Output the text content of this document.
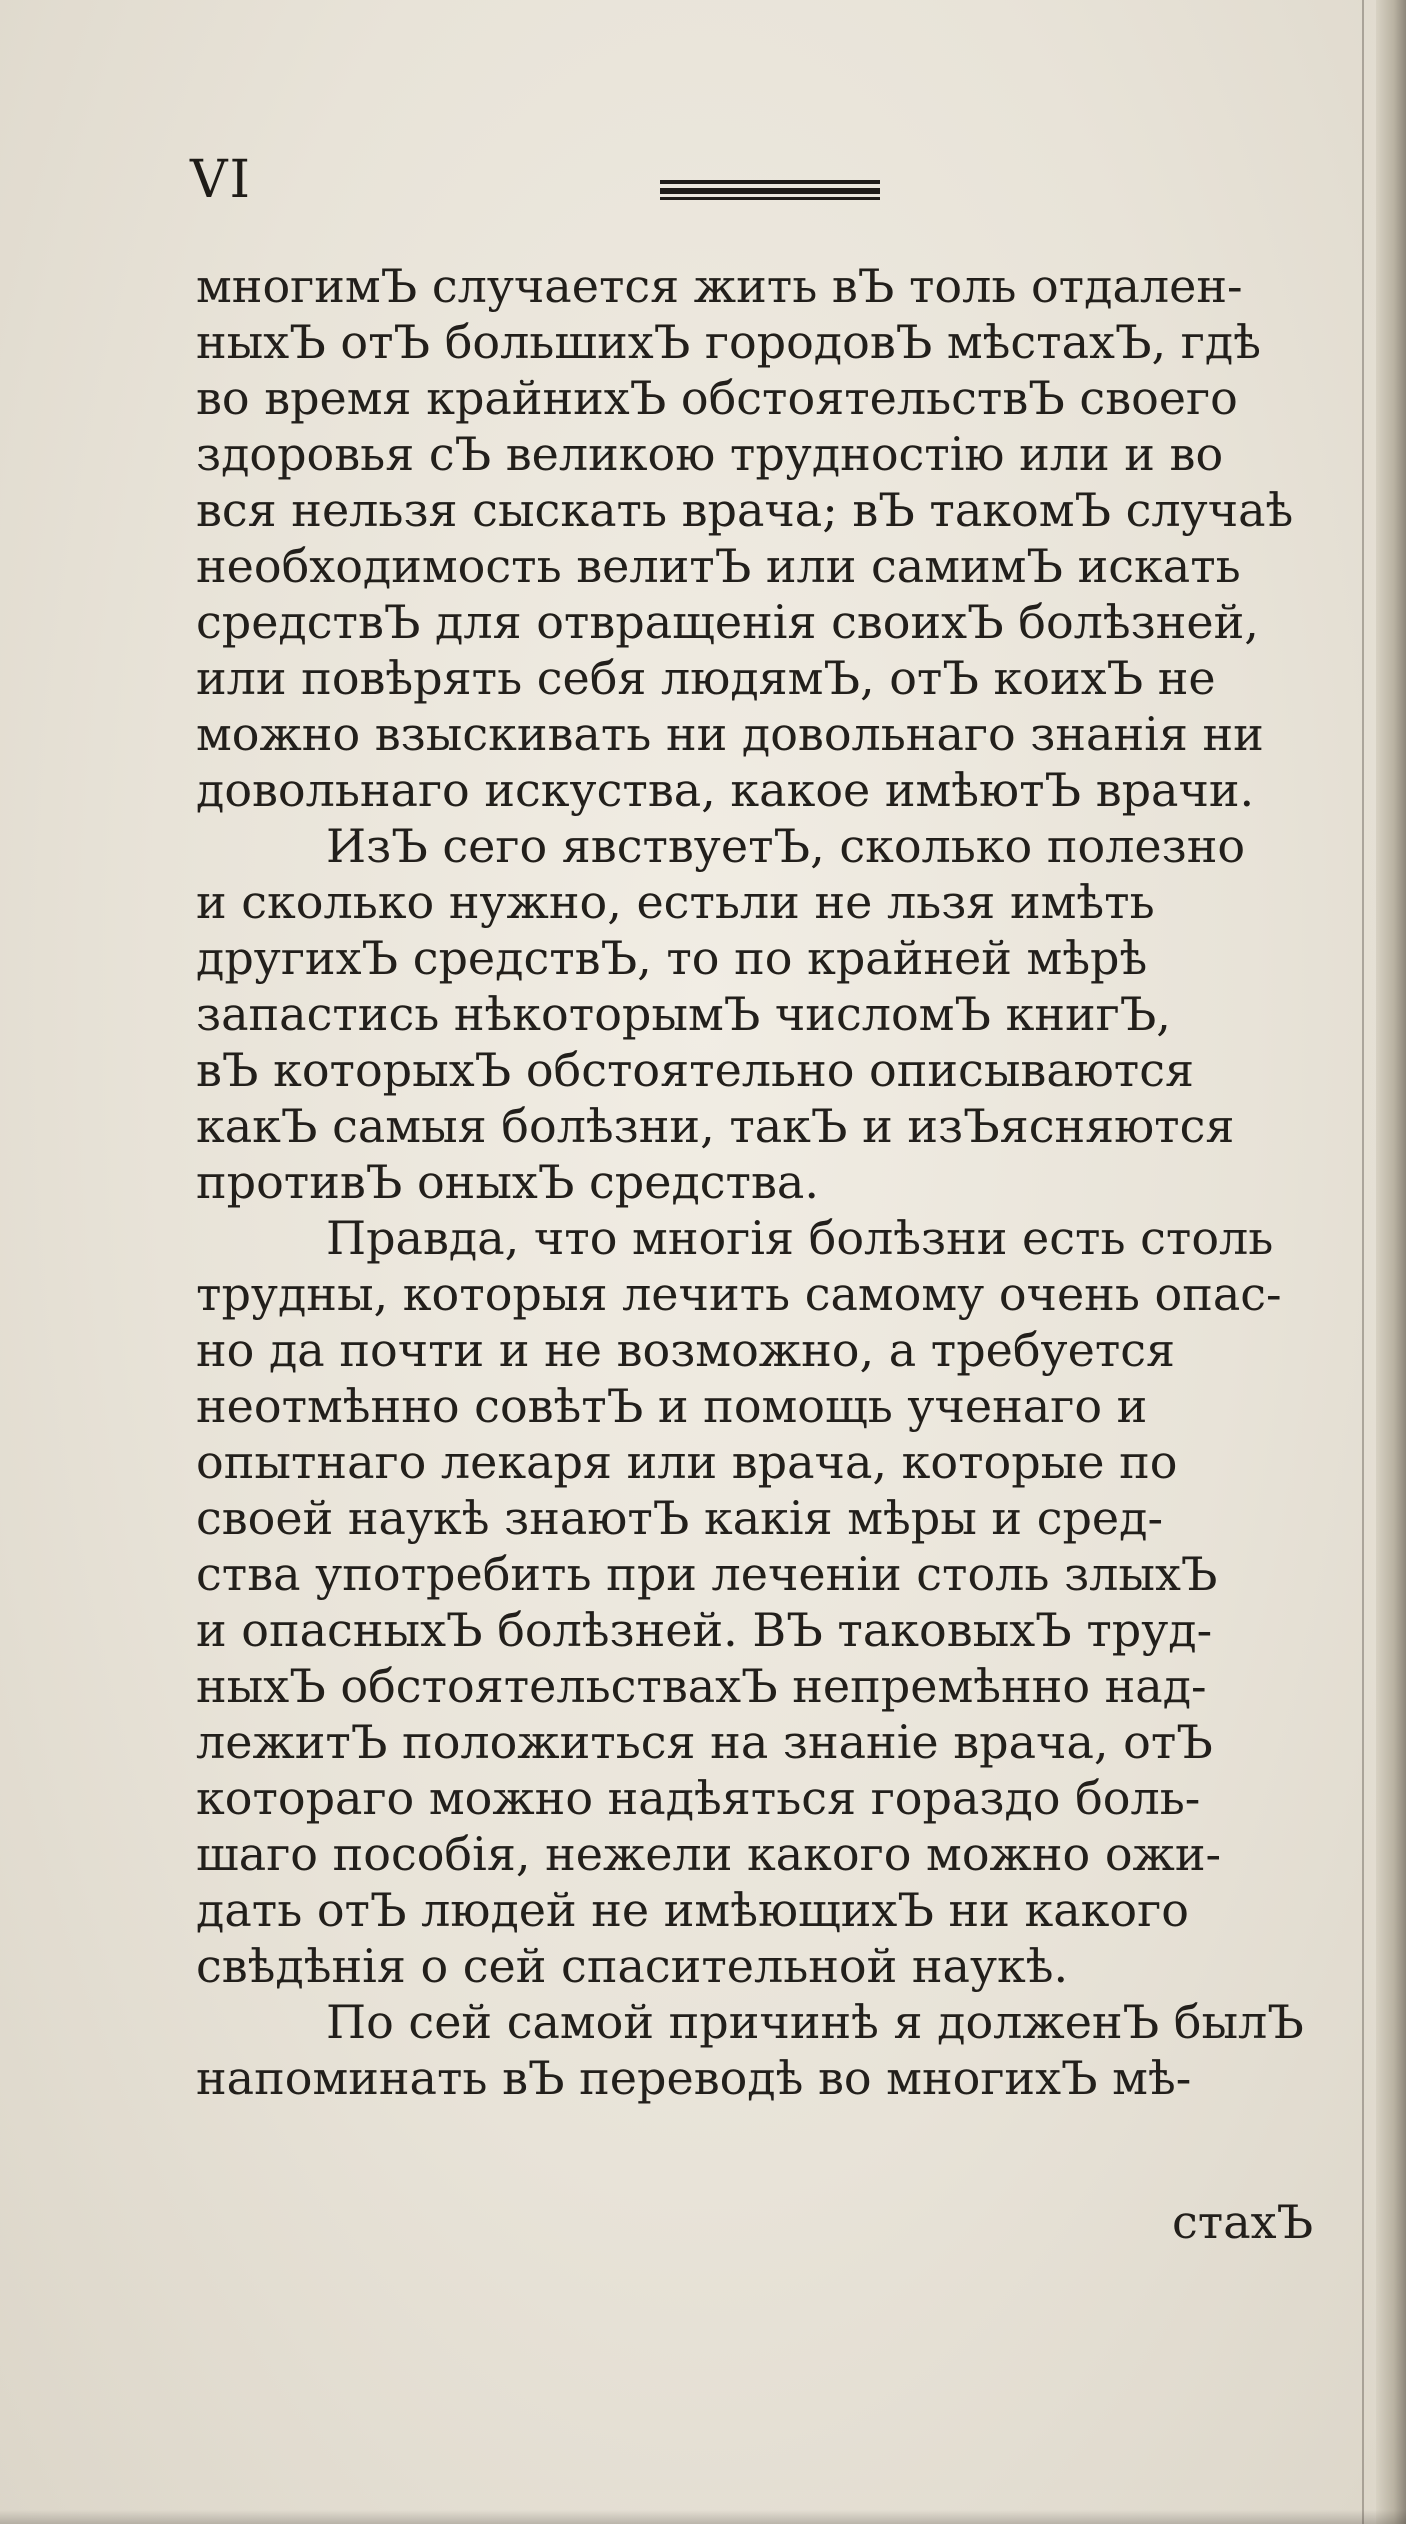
VI
многимЪ случается жить вЪ толь отдален-
ныхЪ отЪ большихЪ городовЪ мѣстахЪ, гдѣ
во время крайнихЪ обстоятельствЪ своего
здоровья сЪ великою трудностію или и во
вся нельзя сыскать врача; вЪ такомЪ случаѣ
необходимость велитЪ или самимЪ искать
средствЪ для отвращенія своихЪ болѣзней,
или повѣрять себя людямЪ, отЪ коихЪ не
можно взыскивать ни довольнаго знанія ни
довольнаго искуства, какое имѣютЪ врачи.
ИзЪ сего явствуетЪ, сколько полезно
и сколько нужно, естьли не льзя имѣть
другихЪ средствЪ, то по крайней мѣрѣ
запастись нѣкоторымЪ числомЪ книгЪ,
вЪ которыхЪ обстоятельно описываются
какЪ самыя болѣзни, такЪ и изЪясняются
противЪ оныхЪ средства.
Правда, что многія болѣзни есть столь
трудны, которыя лечить самому очень опас-
но да почти и не возможно, а требуется
неотмѣнно совѣтЪ и помощь ученаго и
опытнаго лекаря или врача, которые по
своей наукѣ знаютЪ какія мѣры и сред-
ства употребить при леченіи столь злыхЪ
и опасныхЪ болѣзней. ВЪ таковыхЪ труд-
ныхЪ обстоятельствахЪ непремѣнно над-
лежитЪ положиться на знаніе врача, отЪ
котораго можно надѣяться гораздо боль-
шаго пособія, нежели какого можно ожи-
дать отЪ людей не имѣющихЪ ни какого
свѣдѣнія о сей спасительной наукѣ.
По сей самой причинѣ я долженЪ былЪ
напоминать вЪ переводѣ во многихЪ мѣ-
стахЪ
